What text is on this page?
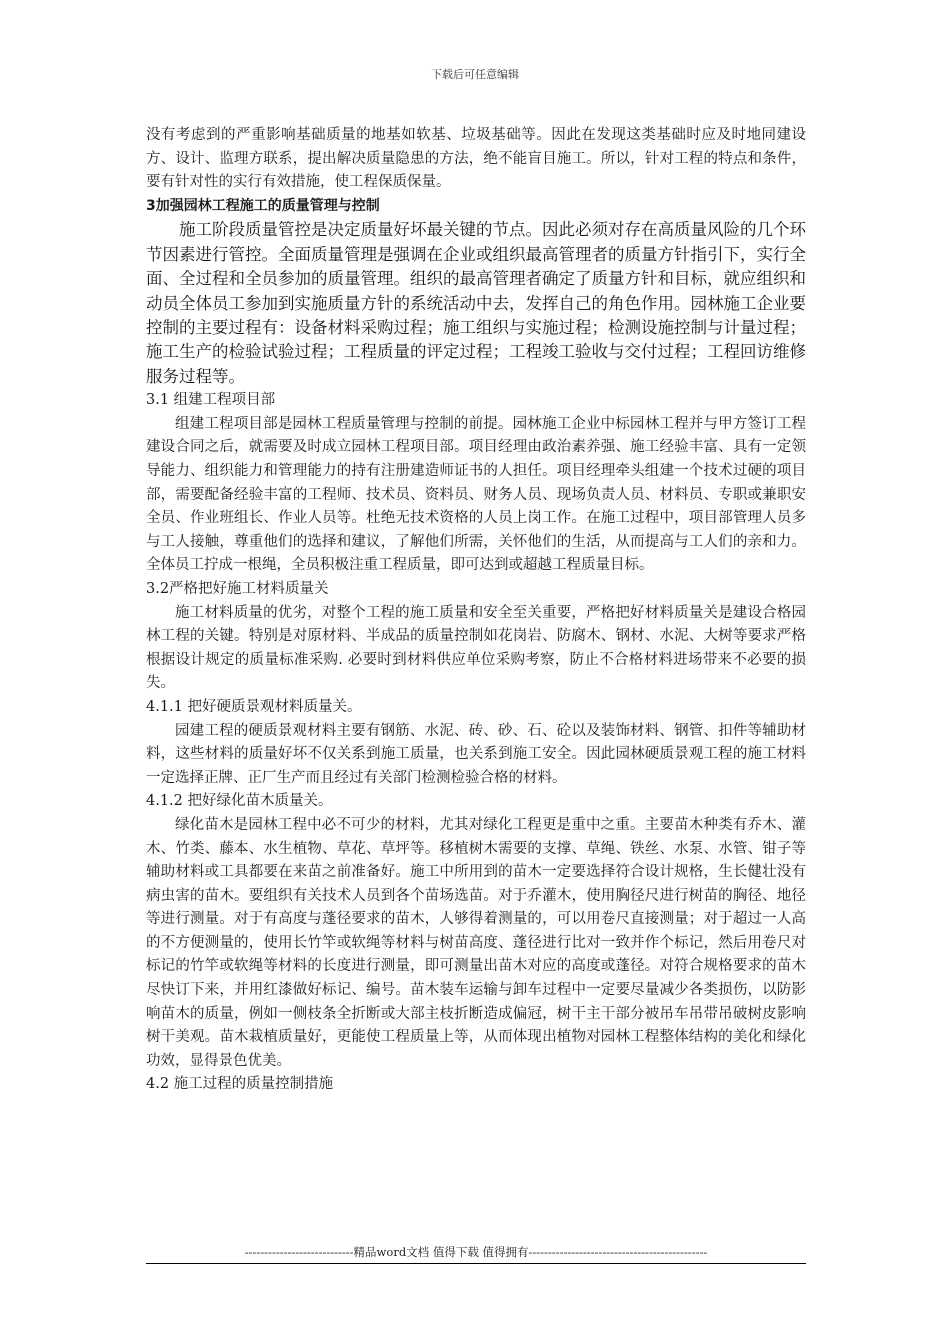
下载后可任意编辑

没有考虑到的严重影响基础质量的地基如软基、垃圾基础等。因此在发现这类基础时应及时地同建设方、设计、监理方联系，提出解决质量隐患的方法，绝不能盲目施工。所以，针对工程的特点和条件，要有针对性的实行有效措施，使工程保质保量。

3加强园林工程施工的质量管理与控制

施工阶段质量管控是决定质量好坏最关键的节点。因此必须对存在高质量风险的几个环节因素进行管控。全面质量管理是强调在企业或组织最高管理者的质量方针指引下，实行全面、全过程和全员参加的质量管理。组织的最高管理者确定了质量方针和目标，就应组织和动员全体员工参加到实施质量方针的系统活动中去，发挥自己的角色作用。园林施工企业要控制的主要过程有：设备材料采购过程；施工组织与实施过程；检测设施控制与计量过程；施工生产的检验试验过程；工程质量的评定过程；工程竣工验收与交付过程；工程回访维修服务过程等。

3.1 组建工程项目部

组建工程项目部是园林工程质量管理与控制的前提。园林施工企业中标园林工程并与甲方签订工程建设合同之后，就需要及时成立园林工程项目部。项目经理由政治素养强、施工经验丰富、具有一定领导能力、组织能力和管理能力的持有注册建造师证书的人担任。项目经理牵头组建一个技术过硬的项目部，需要配备经验丰富的工程师、技术员、资料员、财务人员、现场负责人员、材料员、专职或兼职安全员、作业班组长、作业人员等。杜绝无技术资格的人员上岗工作。在施工过程中，项目部管理人员多与工人接触，尊重他们的选择和建议，了解他们所需，关怀他们的生活，从而提高与工人们的亲和力。全体员工拧成一根绳，全员积极注重工程质量，即可达到或超越工程质量目标。

3.2严格把好施工材料质量关

施工材料质量的优劣，对整个工程的施工质量和安全至关重要，严格把好材料质量关是建设合格园林工程的关键。特别是对原材料、半成品的质量控制如花岗岩、防腐木、钢材、水泥、大树等要求严格根据设计规定的质量标准采购. 必要时到材料供应单位采购考察，防止不合格材料进场带来不必要的损失。

4.1.1 把好硬质景观材料质量关。

园建工程的硬质景观材料主要有钢筋、水泥、砖、砂、石、砼以及装饰材料、钢管、扣件等辅助材料，这些材料的质量好坏不仅关系到施工质量，也关系到施工安全。因此园林硬质景观工程的施工材料一定选择正牌、正厂生产而且经过有关部门检测检验合格的材料。

4.1.2 把好绿化苗木质量关。

绿化苗木是园林工程中必不可少的材料，尤其对绿化工程更是重中之重。主要苗木种类有乔木、灌木、竹类、藤本、水生植物、草花、草坪等。移植树木需要的支撑、草绳、铁丝、水泵、水管、钳子等辅助材料或工具都要在来苗之前准备好。施工中所用到的苗木一定要选择符合设计规格，生长健壮没有病虫害的苗木。要组织有关技术人员到各个苗场选苗。对于乔灌木，使用胸径尺进行树苗的胸径、地径等进行测量。对于有高度与蓬径要求的苗木，人够得着测量的，可以用卷尺直接测量；对于超过一人高的不方便测量的，使用长竹竿或软绳等材料与树苗高度、蓬径进行比对一致并作个标记，然后用卷尺对标记的竹竿或软绳等材料的长度进行测量，即可测量出苗木对应的高度或蓬径。对符合规格要求的苗木尽快订下来，并用红漆做好标记、编号。苗木装车运输与卸车过程中一定要尽量减少各类损伤，以防影响苗木的质量，例如一侧枝条全折断或大部主枝折断造成偏冠，树干主干部分被吊车吊带吊破树皮影响树干美观。苗木栽植质量好，更能使工程质量上等，从而体现出植物对园林工程整体结构的美化和绿化功效，显得景色优美。

4.2 施工过程的质量控制措施

----------------------------精品word文档 值得下载 值得拥有----------------------------------------------
